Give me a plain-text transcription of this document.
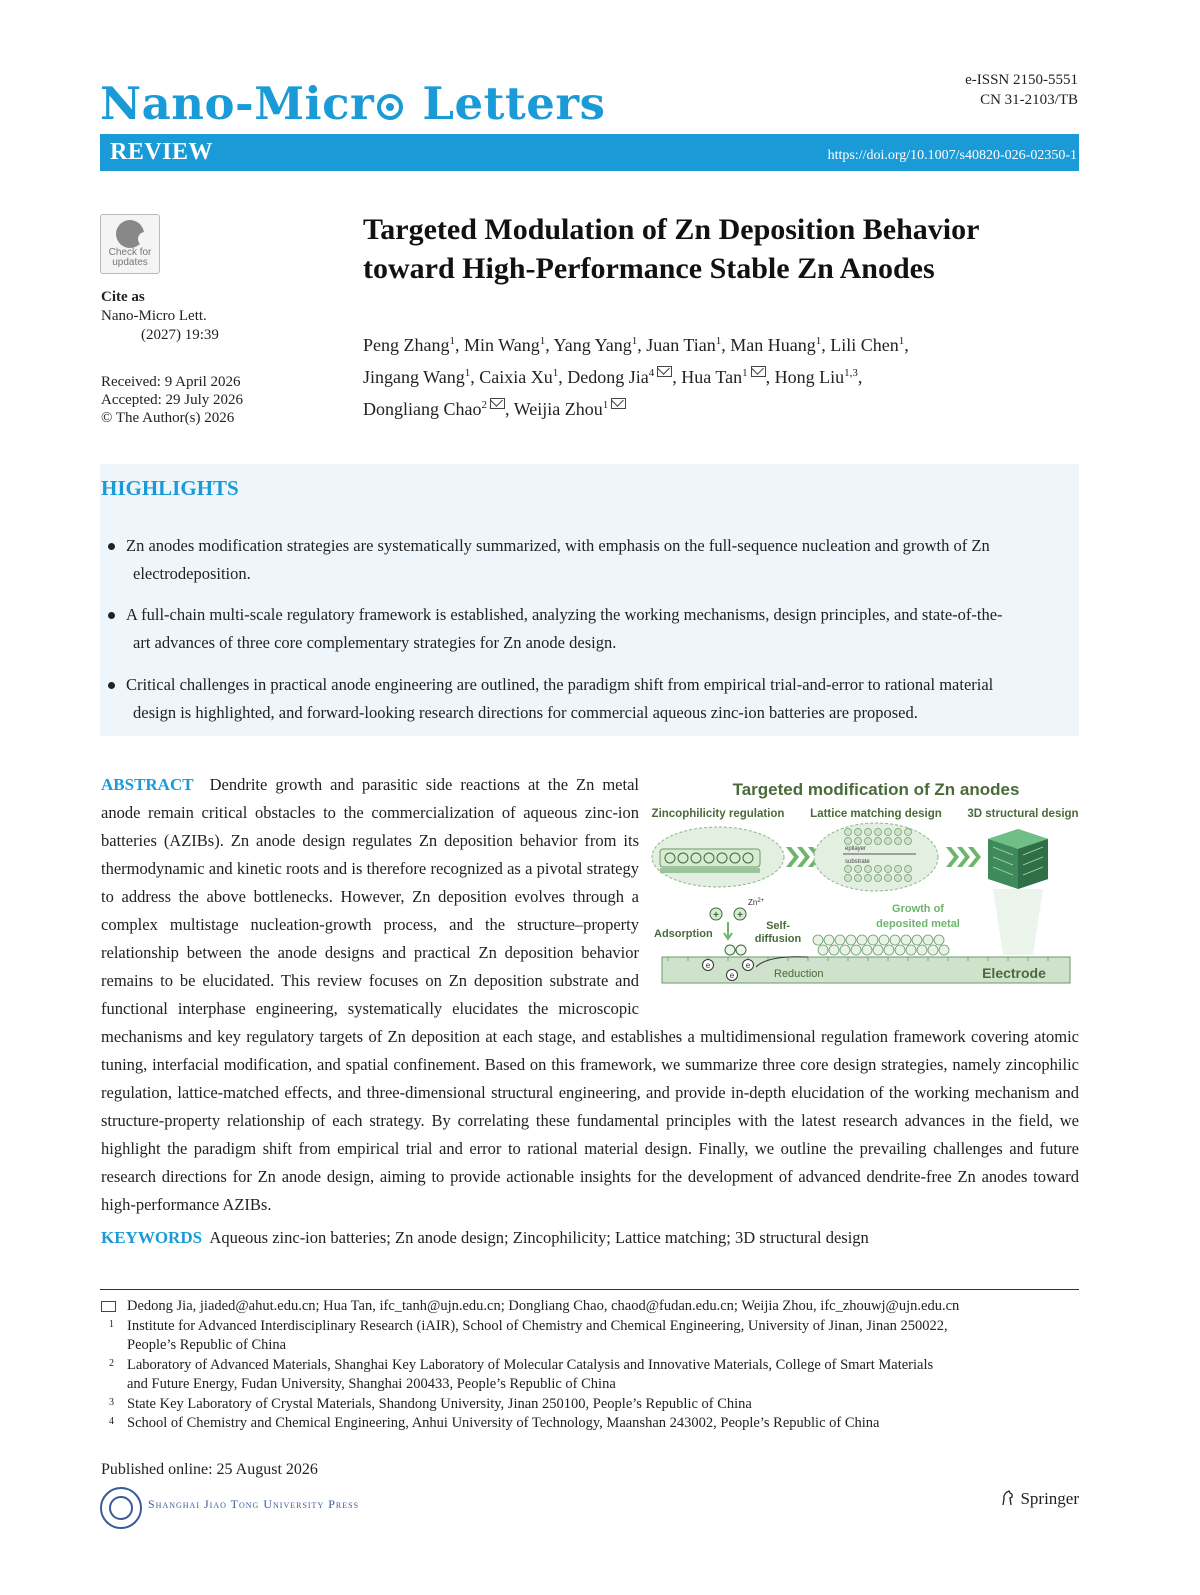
Nano-Micr Letters	e-ISSN 2150-5551
CN 31-2103/TB
REVIEW	https://doi.org/10.1007/s40820-026-02350-1
Check for
updates
Cite as
Nano-Micro Lett.
(2027) 19:39
Received: 9 April 2026
Accepted: 29 July 2026
© The Author(s) 2026
Targeted Modulation of Zn Deposition Behavior
toward High-Performance Stable Zn Anodes
Peng Zhang$^1$, Min Wang$^1$, Yang Yang$^1$, Juan Tian$^1$, Man Huang$^1$, Lili Chen$^1$,
Jingang Wang$^1$, Caixia Xu$^1$, Dedong Jia$^4$ , Hua Tan$^1$ , Hong Liu$^{1,3}$,
Dongliang Chao$^2$ , Weijia Zhou$^1$
HIGHLIGHTS
Zn anodes modification strategies are systematically summarized, with emphasis on the full-sequence nucleation and growth of Zn
electrodeposition.
A full-chain multi-scale regulatory framework is established, analyzing the working mechanisms, design principles, and state-of-the-
art advances of three core complementary strategies for Zn anode design.
Critical challenges in practical anode engineering are outlined, the paradigm shift from empirical trial-and-error to rational material
design is highlighted, and forward-looking research directions for commercial aqueous zinc-ion batteries are proposed.
ABSTRACT Dendrite growth and parasitic side reactions at the Zn metal anode remain critical obstacles to the commercialization of aqueous zinc-ion batteries (AZIBs). Zn anode design regulates Zn deposition behavior from its thermodynamic and kinetic roots and is therefore recognized as a pivotal strategy to address the above bottlenecks. However, Zn deposition evolves through a complex multistage nucleation-growth process, and the structure–property relationship between the anode designs and practical Zn deposition behavior remains to be elucidated. This review focuses on Zn deposition substrate and functional interphase engineering, systematically elucidates the microscopic mechanisms and key regulatory targets of Zn deposition at each stage, and establishes a multidimensional regulation framework covering atomic tuning, interfacial modification, and spatial confinement. Based on this framework, we summarize three core design strategies, namely zincophilic regulation, lattice-matched effects, and three-dimensional structural engineering, and provide in-depth elucidation of the working mechanism and structure-property relationship of each strategy. By correlating these fundamental principles with the latest research advances in the field, we highlight the paradigm shift from empirical trial and error to rational material design. Finally, we outline the prevailing challenges and future research directions for Zn anode design, aiming to provide actionable insights for the development of advanced dendrite-free Zn anodes toward high-performance AZIBs.
Targeted modification of Zn anodes
Zincophilicity regulation Lattice matching design 3D structural design
epilayer
substrate
Adsorption
$Zn^{2+}$
+ +
Self-
diffusion
Growth of
deposited metal
e
e
e
Reduction	Electrode
KEYWORDS Aqueous zinc-ion batteries; Zn anode design; Zincophilicity; Lattice matching; 3D structural design
Dedong Jia, jiaded@ahut.edu.cn; Hua Tan, ifc_tanh@ujn.edu.cn; Dongliang Chao, chaod@fudan.edu.cn; Weijia Zhou, ifc_zhouwj@ujn.edu.cn
1 Institute for Advanced Interdisciplinary Research (iAIR), School of Chemistry and Chemical Engineering, University of Jinan, Jinan 250022,
People’s Republic of China
2 Laboratory of Advanced Materials, Shanghai Key Laboratory of Molecular Catalysis and Innovative Materials, College of Smart Materials
and Future Energy, Fudan University, Shanghai 200433, People’s Republic of China
3 State Key Laboratory of Crystal Materials, Shandong University, Jinan 250100, People’s Republic of China
4 School of Chemistry and Chemical Engineering, Anhui University of Technology, Maanshan 243002, People’s Republic of China
Published online: 25 August 2026
Shanghai Jiao Tong University Press	Springer
